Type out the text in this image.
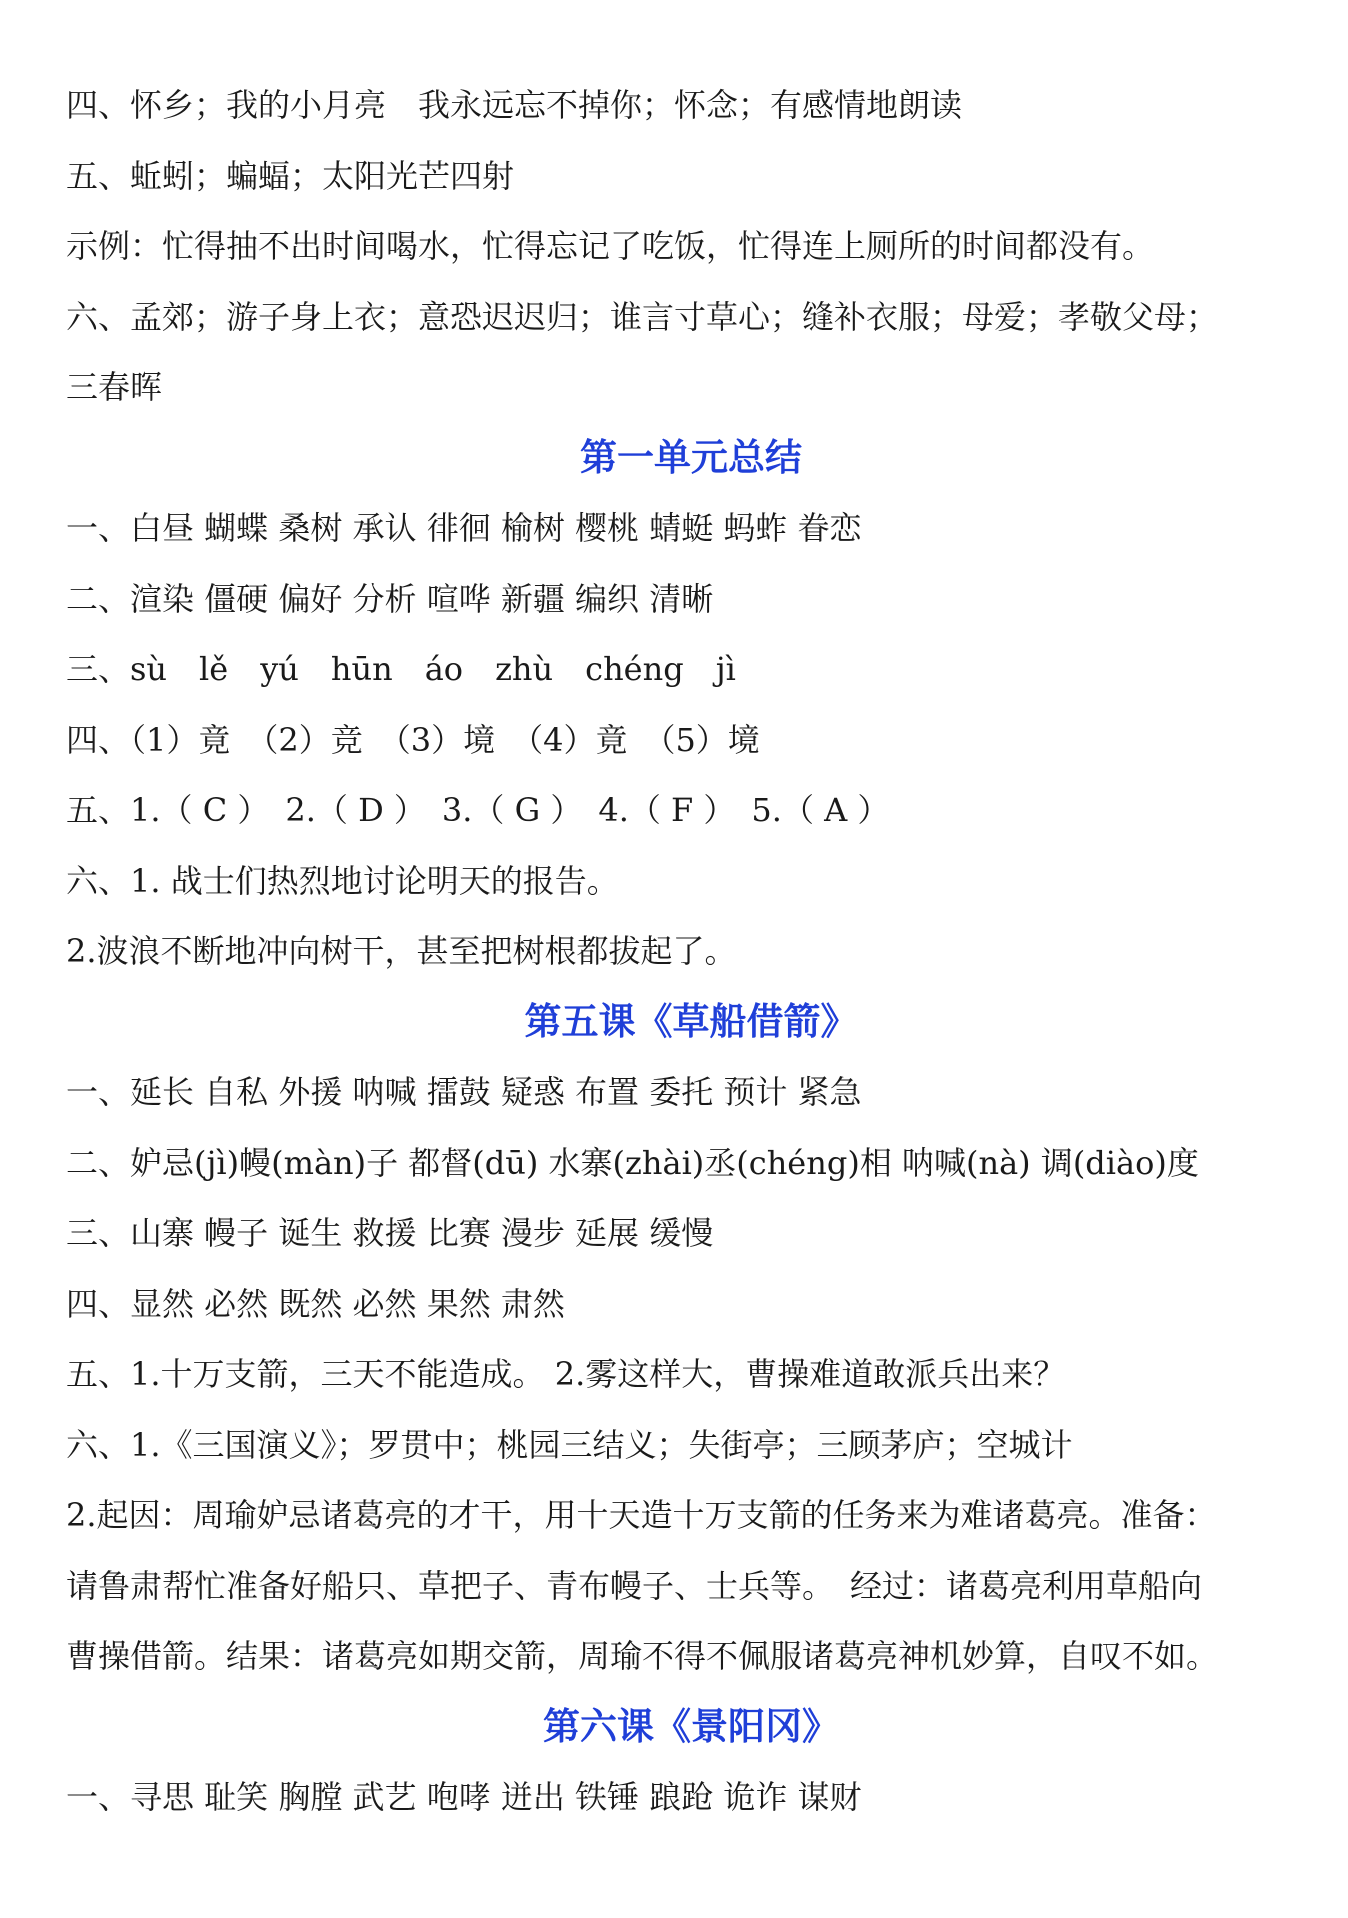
四、怀乡；我的小月亮　我永远忘不掉你；怀念；有感情地朗读
五、蚯蚓；蝙蝠；太阳光芒四射
示例：忙得抽不出时间喝水，忙得忘记了吃饭，忙得连上厕所的时间都没有。
六、孟郊；游子身上衣；意恐迟迟归；谁言寸草心；缝补衣服；母爱；孝敬父母；
三春晖
第一单元总结
一、白昼 蝴蝶 桑树 承认 徘徊 榆树 樱桃 蜻蜓 蚂蚱 眷恋
二、渲染 僵硬 偏好 分析 喧哗 新疆 编织 清晰
三、sù　lě　yú　hūn　áo　zhù　chéng　jì
四、（1）竟　（2）竞　（3）境　（4）竟　（5）境
五、1.（ C ）　2.（ D ）　3.（ G ）　4.（ F ）　5.（ A ）
六、1. 战士们热烈地讨论明天的报告。
2.波浪不断地冲向树干，甚至把树根都拔起了。
第五课《草船借箭》
一、延长 自私 外援 呐喊 擂鼓 疑惑 布置 委托 预计 紧急
二、妒忌(jì)幔(màn)子 都督(dū) 水寨(zhài)丞(chéng)相 呐喊(nà) 调(diào)度
三、山寨 幔子 诞生 救援 比赛 漫步 延展 缓慢
四、显然 必然 既然 必然 果然 肃然
五、1.十万支箭，三天不能造成。 2.雾这样大，曹操难道敢派兵出来？
六、1.《三国演义》；罗贯中；桃园三结义；失街亭；三顾茅庐；空城计
2.起因：周瑜妒忌诸葛亮的才干，用十天造十万支箭的任务来为难诸葛亮。准备：
请鲁肃帮忙准备好船只、草把子、青布幔子、士兵等。　经过：诸葛亮利用草船向
曹操借箭。结果：诸葛亮如期交箭，周瑜不得不佩服诸葛亮神机妙算，自叹不如。
第六课《景阳冈》
一、寻思 耻笑 胸膛 武艺 咆哮 迸出 铁锤 踉跄 诡诈 谋财
